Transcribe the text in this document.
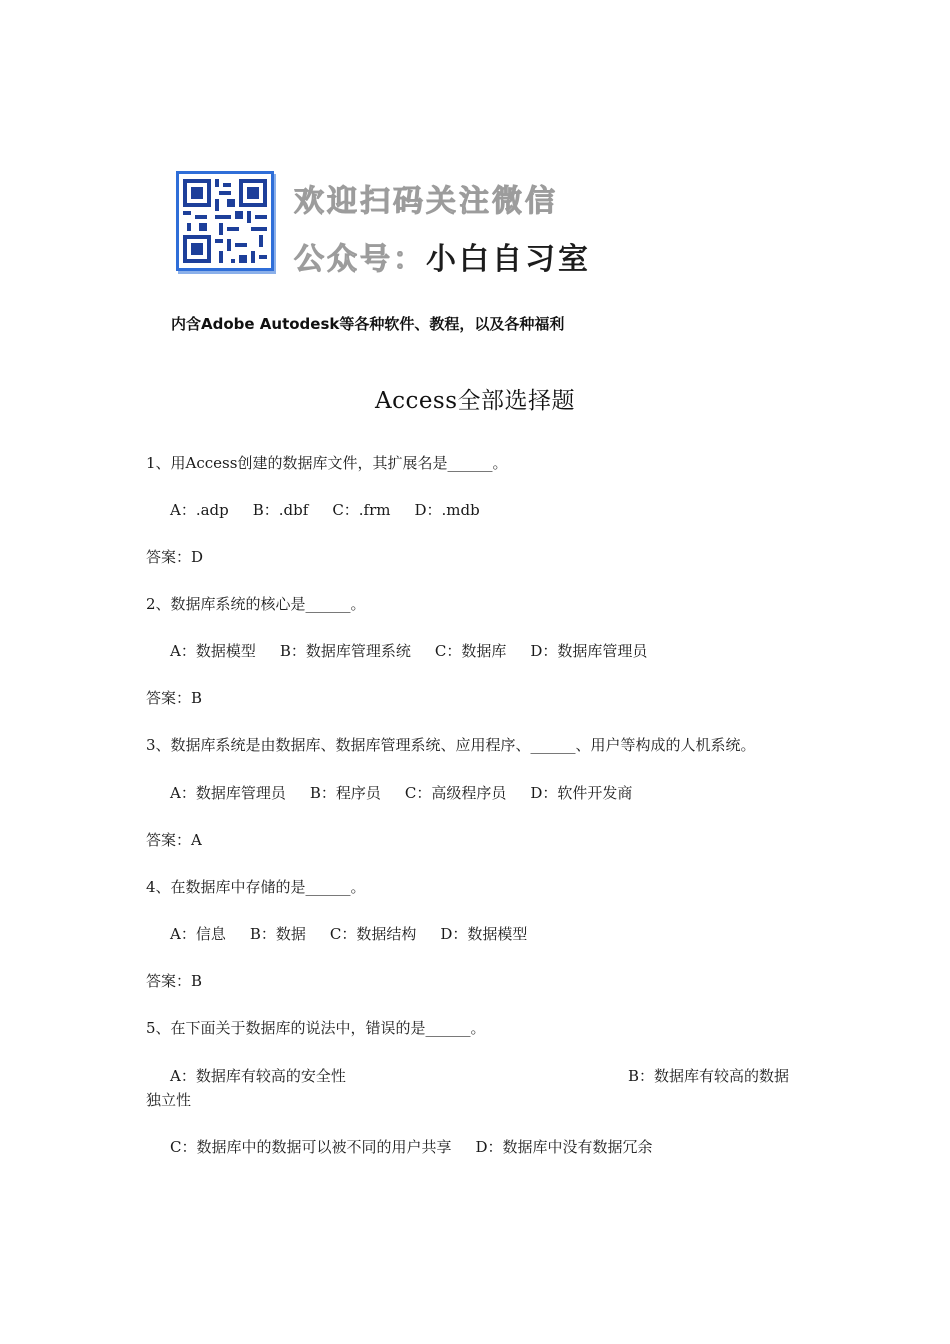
欢迎扫码关注微信
公众号：小白自习室
内含Adobe Autodesk等各种软件、教程，以及各种福利
Access全部选择题
1、用Access创建的数据库文件，其扩展名是______。
A：.adp B：.dbf C：.frm D：.mdb
答案：D
2、数据库系统的核心是______。
A：数据模型 B：数据库管理系统 C：数据库 D：数据库管理员
答案：B
3、数据库系统是由数据库、数据库管理系统、应用程序、______、用户等构成的人机系统。
A：数据库管理员 B：程序员 C：高级程序员 D：软件开发商
答案：A
4、在数据库中存储的是______。
A：信息 B：数据 C：数据结构 D：数据模型
答案：B
5、在下面关于数据库的说法中，错误的是______。
A：数据库有较高的安全性	B：数据库有较高的数据
独立性
C：数据库中的数据可以被不同的用户共享 D：数据库中没有数据冗余
